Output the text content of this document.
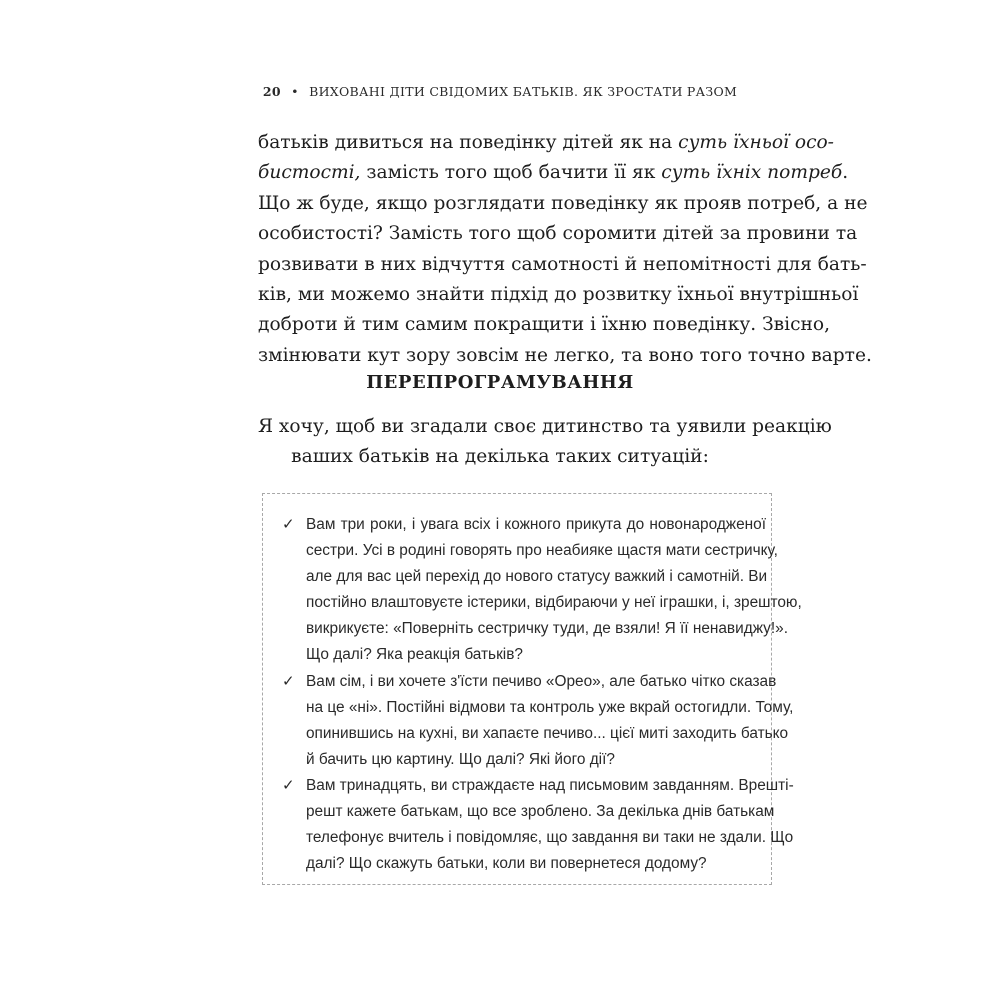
20 • ВИХОВАНІ ДІТИ СВІДОМИХ БАТЬКІВ. ЯК ЗРОСТАТИ РАЗОМ
батьків дивиться на поведінку дітей як на суть їхньої осо-
бистості, замість того щоб бачити її як суть їхніх потреб.
Що ж буде, якщо розглядати поведінку як прояв потреб, а не
особистості? Замість того щоб соромити дітей за провини та
розвивати в них відчуття самотності й непомітності для бать-
ків, ми можемо знайти підхід до розвитку їхньої внутрішньої
доброти й тим самим покращити і їхню поведінку. Звісно,
змінювати кут зору зовсім не легко, та воно того точно варте.
ПЕРЕПРОГРАМУВАННЯ
Я хочу, щоб ви згадали своє дитинство та уявили реакцію
ваших батьків на декілька таких ситуацій:
✓ Вам три роки, і увага всіх і кожного прикута до новонародженої
сестри. Усі в родині говорять про неабияке щастя мати сестричку,
але для вас цей перехід до нового статусу важкий і самотній. Ви
постійно влаштовуєте істерики, відбираючи у неї іграшки, і, зрештою,
викрикуєте: «Поверніть сестричку туди, де взяли! Я її ненавиджу!».
Що далі? Яка реакція батьків?
✓ Вам сім, і ви хочете з'їсти печиво «Орео», але батько чітко сказав
на це «ні». Постійні відмови та контроль уже вкрай остогидли. Тому,
опинившись на кухні, ви хапаєте печиво... цієї миті заходить батько
й бачить цю картину. Що далі? Які його дії?
✓ Вам тринадцять, ви страждаєте над письмовим завданням. Врешті-
решт кажете батькам, що все зроблено. За декілька днів батькам
телефонує вчитель і повідомляє, що завдання ви таки не здали. Що
далі? Що скажуть батьки, коли ви повернетеся додому?
